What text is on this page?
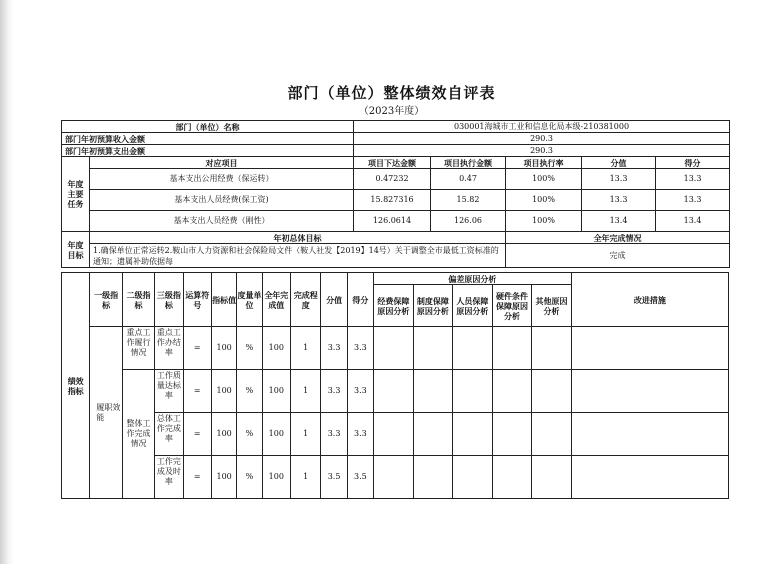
部门（单位）整体绩效自评表
（2023年度）
部门（单位）名称		030001海城市工业和信息化局本级-210381000				
部门年初预算收入金额		290.3				
部门年初预算支出金额		290.3				
年度
主要
任务	对应项目	项目下达金额	项目执行金额	项目执行率	分值	得分
	基本支出公用经费（保运转）	0.47232	0.47	100%	13.3	13.3
	基本支出人员经费(保工资)	15.827316	15.82	100%	13.3	13.3
	基本支出人员经费（刚性）	126.0614	126.06	100%	13.4	13.4
年度
目标	年初总体目标			全年完成情况		

	1.确保单位正常运转2.鞍山市人力资源和社会保险局文件（鞍人社发【2019】14号）关于调整全市最低工资标准的通知；遗属补助依据每			完成		
绩效
指标	一级指标	二级指标	三级指标	运算符号	指标值	度量单位	全年完成值	完成程度	分值	得分	偏差原因分析					改进措施
											经费保障原因分析	制度保障原因分析	人员保障原因分析	硬件条件保障原因分析	其他原因分析	
	履职效能	重点工作履行情况	重点工作办结率	=	100	%	100	1	3.3	3.3						

		整体工作完成情况	工作质量达标率	=	100	%	100	1	3.3	3.3						

			总体工作完成率	=	100	%	100	1	3.3	3.3						

			工作完成及时率	=	100	%	100	1	3.5	3.5						
